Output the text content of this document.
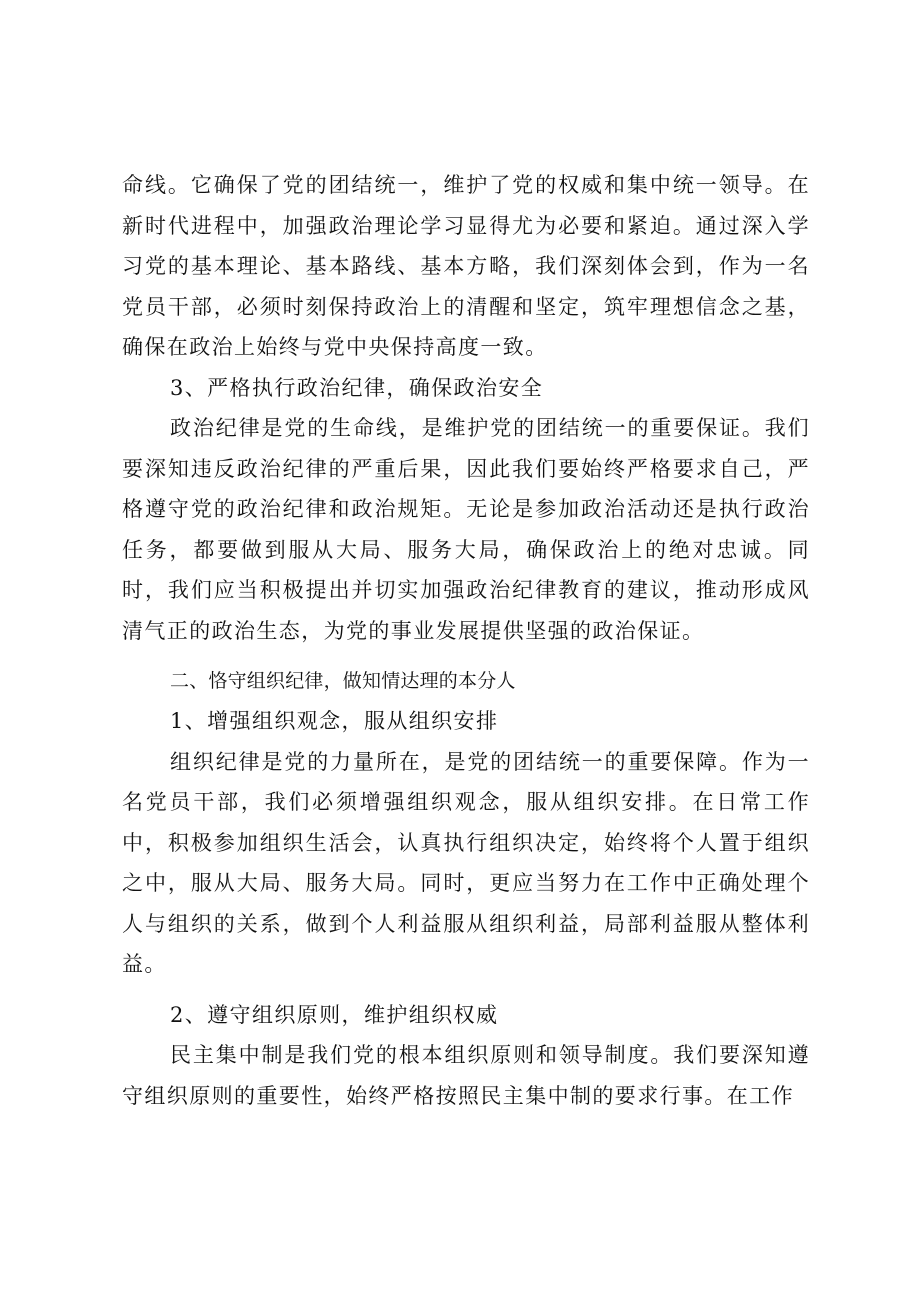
命线。它确保了党的团结统一，维护了党的权威和集中统一领导。在新时代进程中，加强政治理论学习显得尤为必要和紧迫。通过深入学习党的基本理论、基本路线、基本方略，我们深刻体会到，作为一名党员干部，必须时刻保持政治上的清醒和坚定，筑牢理想信念之基，确保在政治上始终与党中央保持高度一致。

3、严格执行政治纪律，确保政治安全

政治纪律是党的生命线，是维护党的团结统一的重要保证。我们要深知违反政治纪律的严重后果，因此我们要始终严格要求自己，严格遵守党的政治纪律和政治规矩。无论是参加政治活动还是执行政治任务，都要做到服从大局、服务大局，确保政治上的绝对忠诚。同时，我们应当积极提出并切实加强政治纪律教育的建议，推动形成风清气正的政治生态，为党的事业发展提供坚强的政治保证。

二、恪守组织纪律，做知情达理的本分人

1、增强组织观念，服从组织安排

组织纪律是党的力量所在，是党的团结统一的重要保障。作为一名党员干部，我们必须增强组织观念，服从组织安排。在日常工作中，积极参加组织生活会，认真执行组织决定，始终将个人置于组织之中，服从大局、服务大局。同时，更应当努力在工作中正确处理个人与组织的关系，做到个人利益服从组织利益，局部利益服从整体利益。

2、遵守组织原则，维护组织权威

民主集中制是我们党的根本组织原则和领导制度。我们要深知遵守组织原则的重要性，始终严格按照民主集中制的要求行事。在工作
